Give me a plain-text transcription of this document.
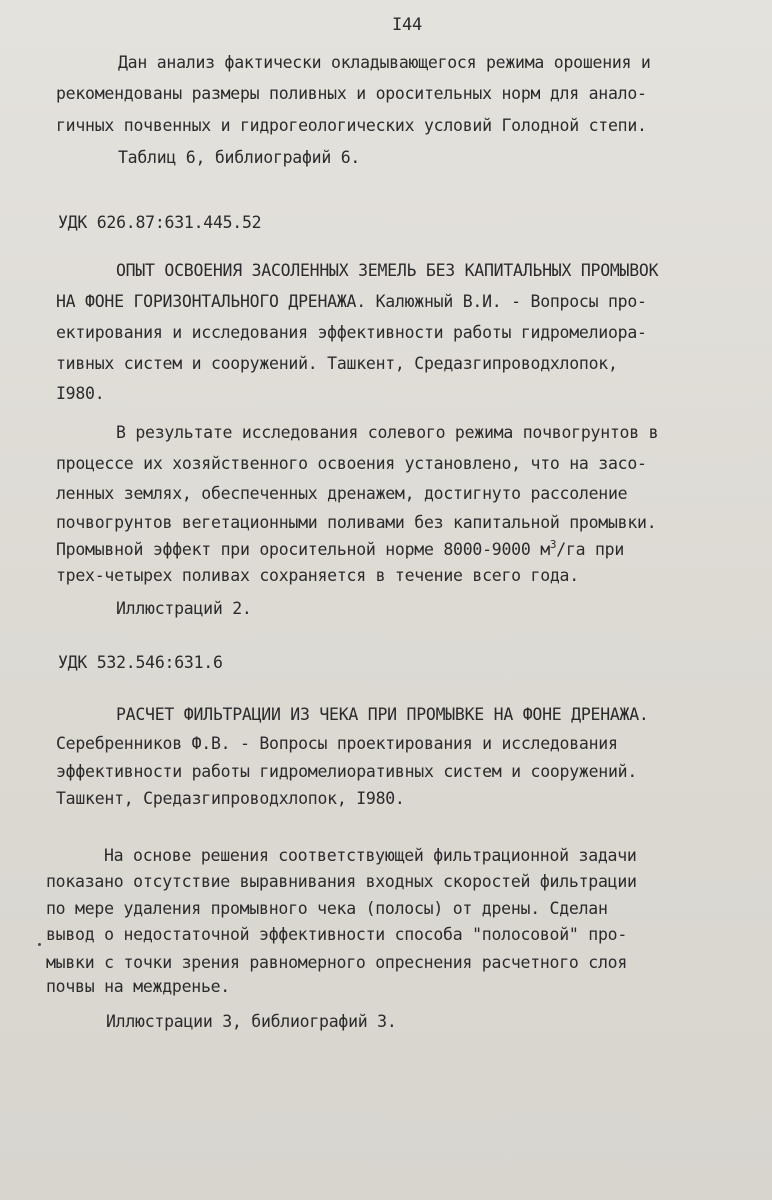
I44
Дан анализ фактически окладывающегося режима орошения и
рекомендованы размеры поливных и оросительных норм для анало-
гичных почвенных и гидрогеологических условий Голодной степи.
Таблиц 6, библиографий 6.
УДК 626.87:631.445.52
ОПЫТ ОСВОЕНИЯ ЗАСОЛЕННЫХ ЗЕМЕЛЬ БЕЗ КАПИТАЛЬНЫХ ПРОМЫВОК
НА ФОНЕ ГОРИЗОНТАЛЬНОГО ДРЕНАЖА. Калюжный В.И. - Вопросы про-
ектирования и исследования эффективности работы гидромелиора-
тивных систем и сооружений. Ташкент, Средазгипроводхлопок,
I980.
В результате исследования солевого режима почвогрунтов в
процессе их хозяйственного освоения установлено, что на засо-
ленных землях, обеспеченных дренажем, достигнуто рассоление
почвогрунтов вегетационными поливами без капитальной промывки.
Промывной эффект при оросительной норме 8000-9000 $м^3/га$ при
трех-четырех поливах сохраняется в течение всего года.
Иллюстраций 2.
УДК 532.546:631.6
РАСЧЕТ ФИЛЬТРАЦИИ ИЗ ЧЕКА ПРИ ПРОМЫВКЕ НА ФОНЕ ДРЕНАЖА.
Серебренников Ф.В. - Вопросы проектирования и исследования
эффективности работы гидромелиоративных систем и сооружений.
Ташкент, Средазгипроводхлопок, I980.
На основе решения соответствующей фильтрационной задачи
показано отсутствие выравнивания входных скоростей фильтрации
по мере удаления промывного чека (полосы) от дрены. Сделан
вывод о недостаточной эффективности способа "полосовой" про-
мывки с точки зрения равномерного опреснения расчетного слоя
почвы на междренье.
Иллюстрации 3, библиографий 3.
